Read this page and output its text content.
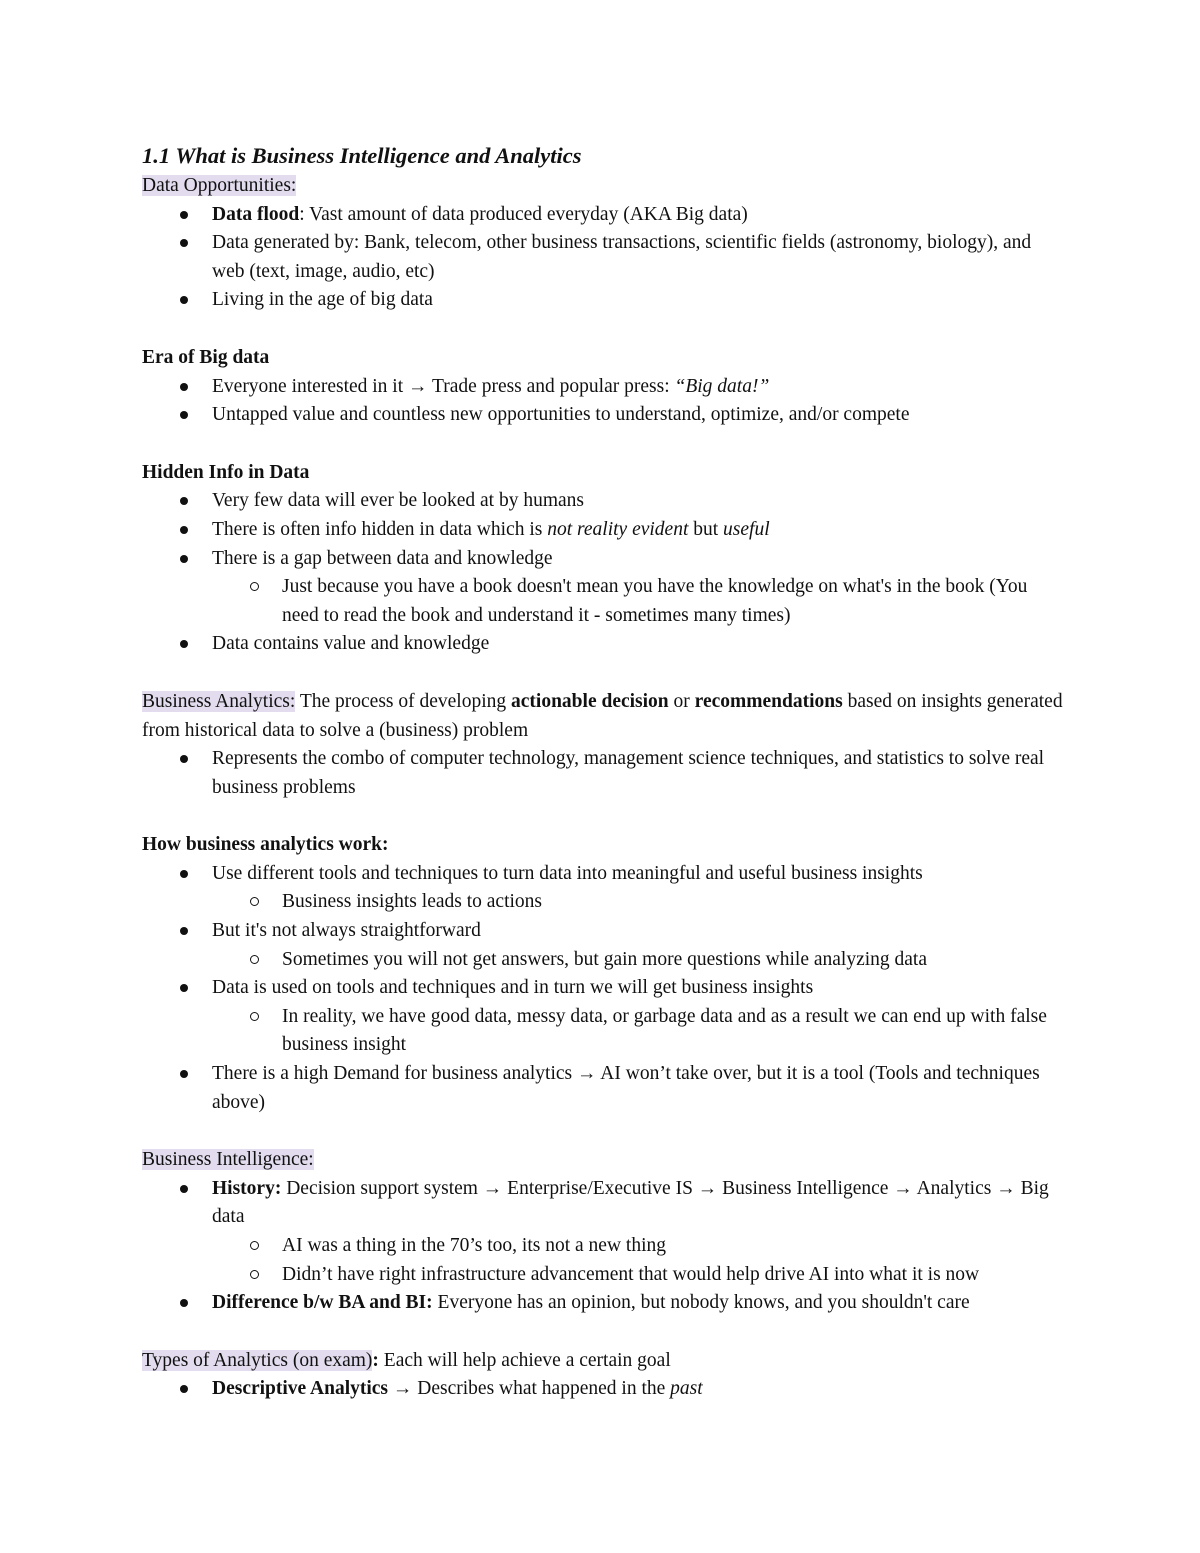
1.1 What is Business Intelligence and Analytics

Data Opportunities:

Data flood: Vast amount of data produced everyday (AKA Big data)
Data generated by: Bank, telecom, other business transactions, scientific fields (astronomy, biology), and web (text, image, audio, etc)
Living in the age of big data

Era of Big data

Everyone interested in it → Trade press and popular press: “Big data!”
Untapped value and countless new opportunities to understand, optimize, and/or compete

Hidden Info in Data

Very few data will ever be looked at by humans
There is often info hidden in data which is not reality evident but useful
There is a gap between data and knowledge
Just because you have a book doesn't mean you have the knowledge on what's in the book (You need to read the book and understand it - sometimes many times)
Data contains value and knowledge

Business Analytics: The process of developing actionable decision or recommendations based on insights generated from historical data to solve a (business) problem

Represents the combo of computer technology, management science techniques, and statistics to solve real business problems

How business analytics work:

Use different tools and techniques to turn data into meaningful and useful business insights
Business insights leads to actions
But it's not always straightforward
Sometimes you will not get answers, but gain more questions while analyzing data
Data is used on tools and techniques and in turn we will get business insights
In reality, we have good data, messy data, or garbage data and as a result we can end up with false business insight
There is a high Demand for business analytics → AI won’t take over, but it is a tool (Tools and techniques above)

Business Intelligence:

History: Decision support system → Enterprise/Executive IS → Business Intelligence → Analytics → Big data
AI was a thing in the 70’s too, its not a new thing
Didn’t have right infrastructure advancement that would help drive AI into what it is now
Difference b/w BA and BI: Everyone has an opinion, but nobody knows, and you shouldn't care

Types of Analytics (on exam): Each will help achieve a certain goal

Descriptive Analytics → Describes what happened in the past
